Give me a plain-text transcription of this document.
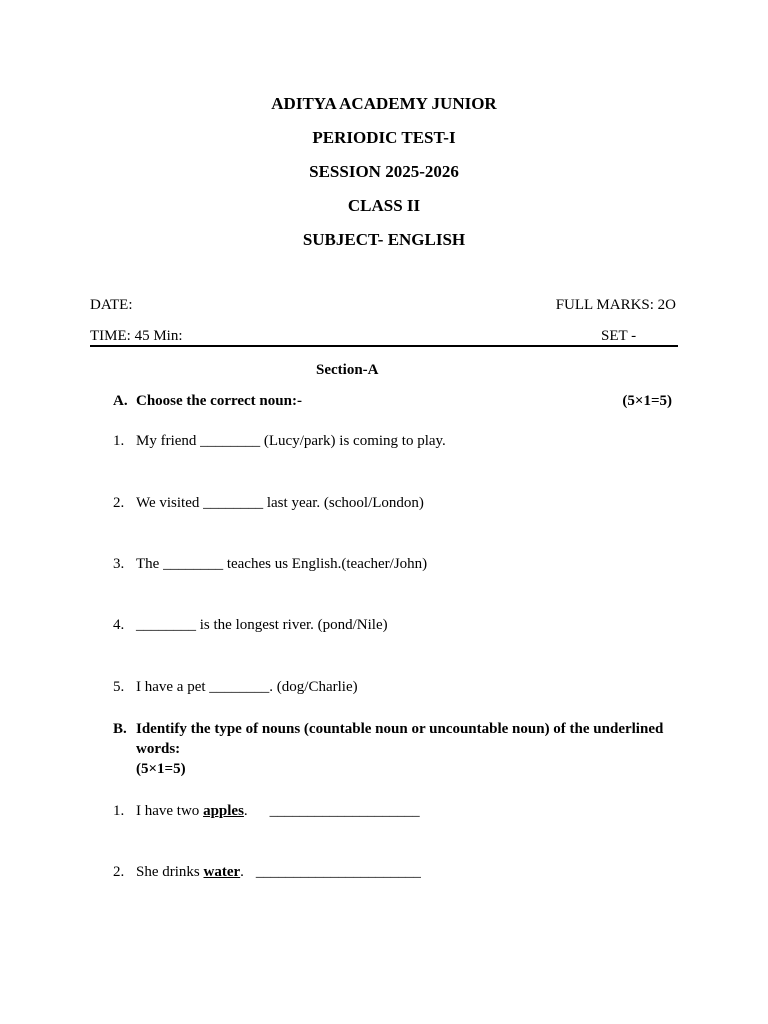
ADITYA ACADEMY JUNIOR
PERIODIC TEST-I
SESSION 2025-2026
CLASS II
SUBJECT- ENGLISH
DATE:	FULL MARKS: 2O
TIME: 45 Min:	SET -
Section-A
A. Choose the correct noun:-	(5×1=5)
1. My friend ________ (Lucy/park) is coming to play.
2. We visited ________ last year. (school/London)
3. The ________ teaches us English.(teacher/John)
4. ________ is the longest river. (pond/Nile)
5. I have a pet ________. (dog/Charlie)
B. Identify the type of nouns (countable noun or uncountable noun) of the underlined words:
(5×1=5)
1. I have two apples. ____________________
2. She drinks water. ______________________
